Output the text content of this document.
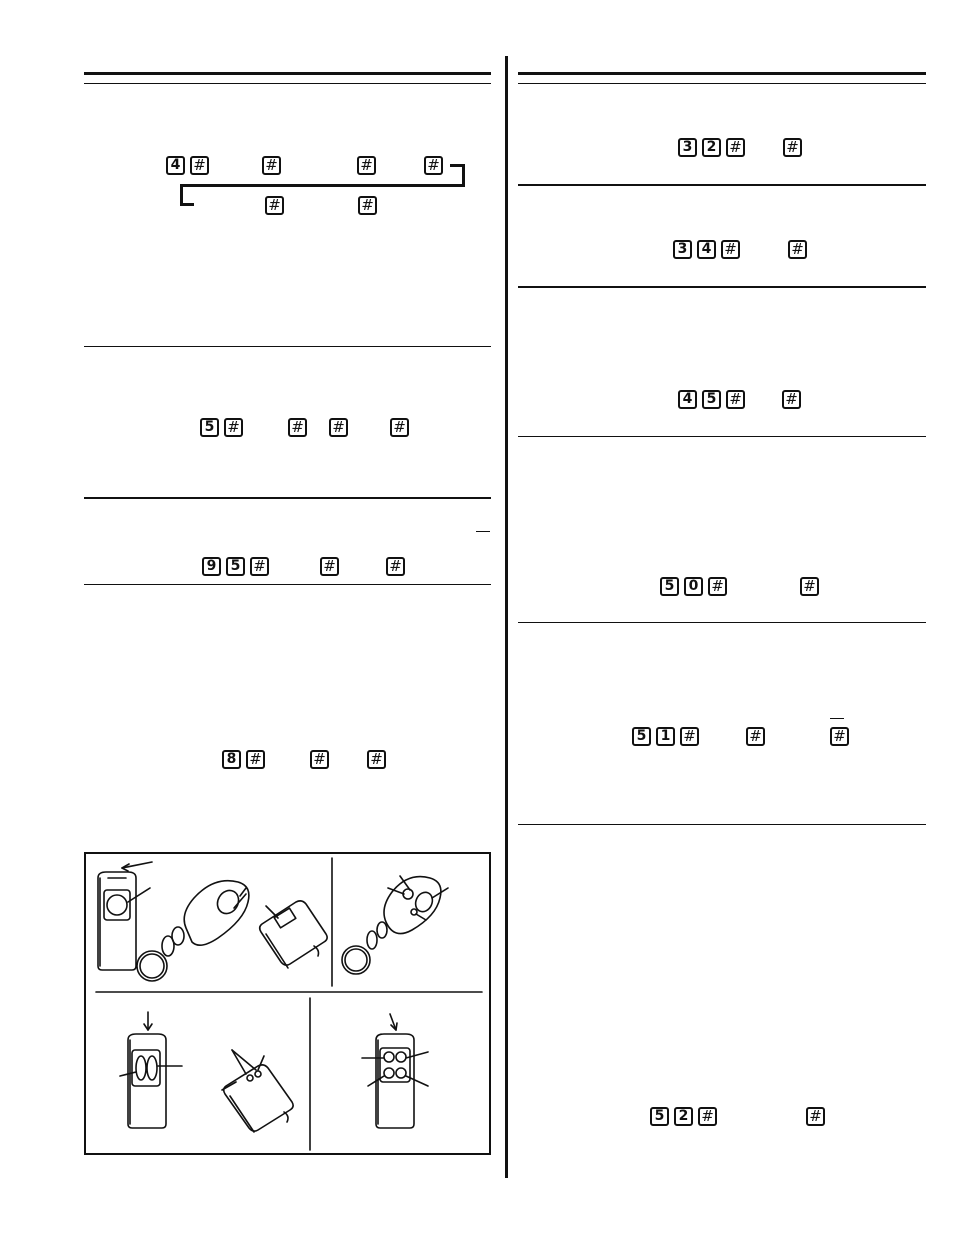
4 #	#	#	#
#	#
5 #	# #	#
9	5 #	#	#
8 #	#	#
3	2 #	#
3	4 #	#
4	5 #	#
5	0 #	#
5	1 #	#	#
5	2 #	#
